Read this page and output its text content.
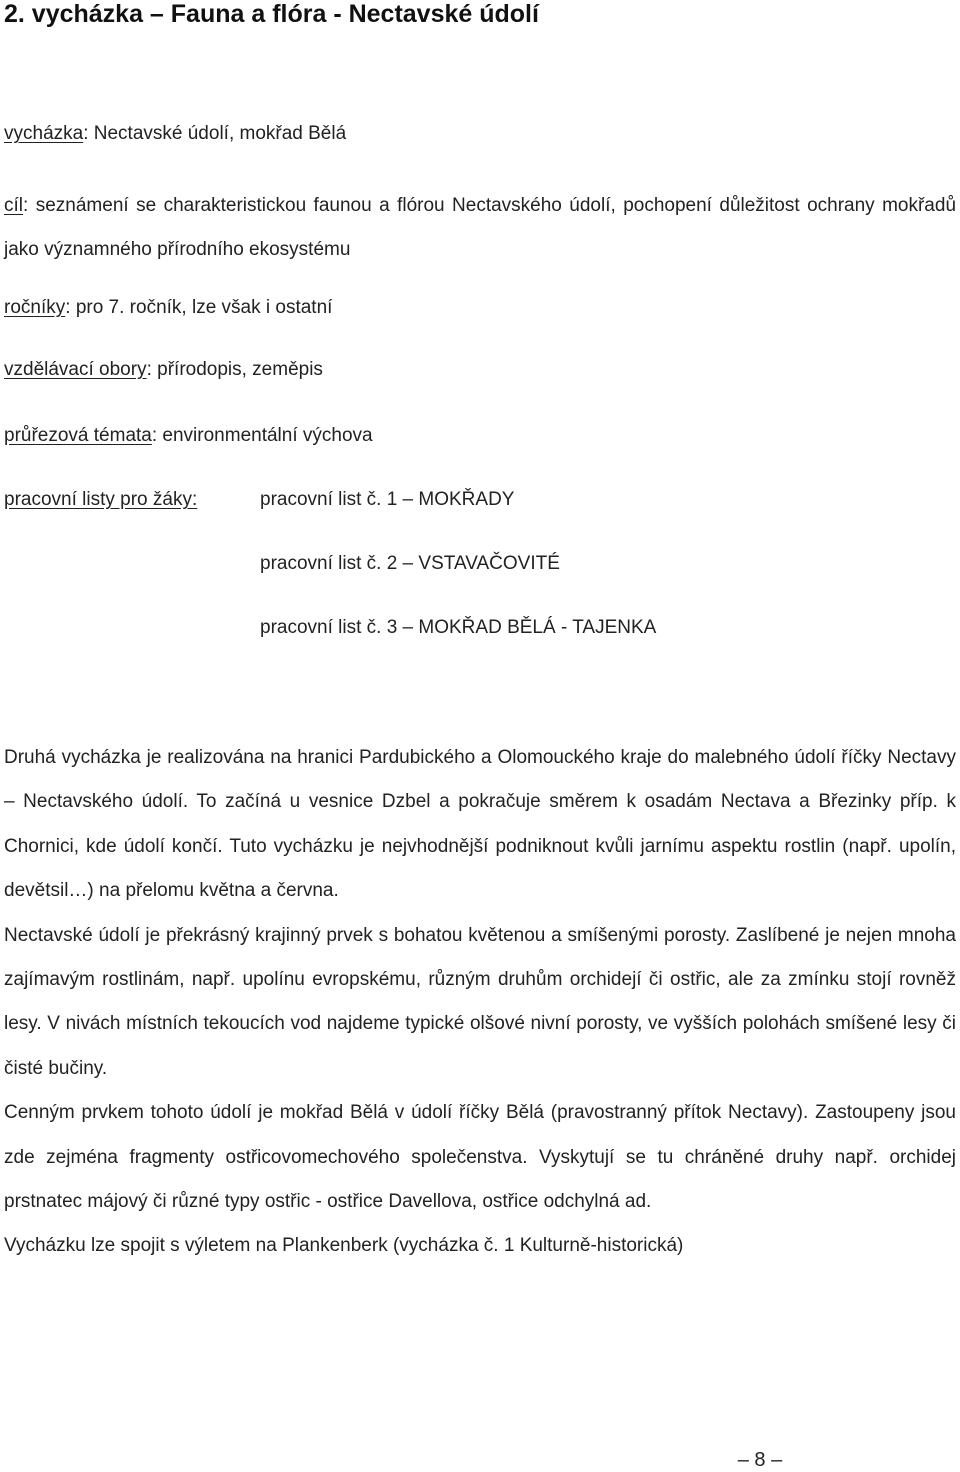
2. vycházka – Fauna a flóra - Nectavské údolí
vycházka: Nectavské údolí, mokřad Bělá
cíl: seznámení se charakteristickou faunou a flórou Nectavského údolí, pochopení důležitost ochrany mokřadů jako významného přírodního ekosystému
ročníky: pro 7. ročník, lze však i ostatní
vzdělávací obory: přírodopis, zeměpis
průřezová témata: environmentální výchova
pracovní listy pro žáky:	pracovní list č. 1 – MOKŘADY
pracovní list č. 2 – VSTAVAČOVITÉ
pracovní list č. 3 – MOKŘAD BĚLÁ - TAJENKA

Druhá vycházka je realizována na hranici Pardubického a Olomouckého kraje do malebného údolí říčky Nectavy – Nectavského údolí. To začíná u vesnice Dzbel a pokračuje směrem k osadám Nectava a Březinky příp. k Chornici, kde údolí končí. Tuto vycházku je nejvhodnější podniknout kvůli jarnímu aspektu rostlin (např. upolín, devětsil…) na přelomu května a června.

Nectavské údolí je překrásný krajinný prvek s bohatou květenou a smíšenými porosty. Zaslíbené je nejen mnoha zajímavým rostlinám, např. upolínu evropskému, různým druhům orchidejí či ostřic, ale za zmínku stojí rovněž lesy. V nivách místních tekoucích vod najdeme typické olšové nivní porosty, ve vyšších polohách smíšené lesy či čisté bučiny.

Cenným prvkem tohoto údolí je mokřad Bělá v údolí říčky Bělá (pravostranný přítok Nectavy). Zastoupeny jsou zde zejména fragmenty ostřicovomechového společenstva. Vyskytují se tu chráněné druhy např. orchidej prstnatec májový či různé typy ostřic - ostřice Davellova, ostřice odchylná ad.

Vycházku lze spojit s výletem na Plankenberk (vycházka č. 1 Kulturně-historická)

– 8 –
